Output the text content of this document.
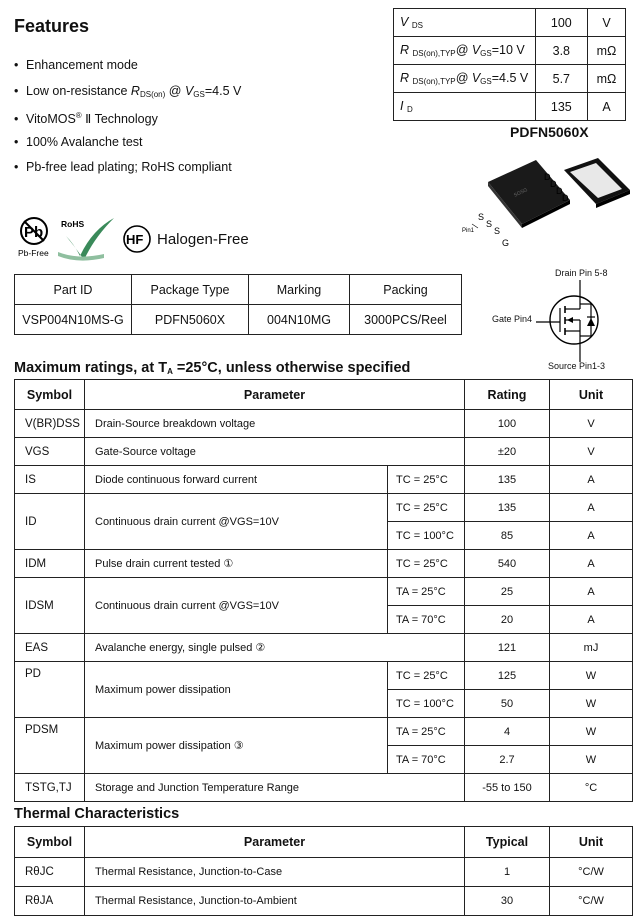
Features
• Enhancement mode
• Low on-resistance $R_{DS(on)}$ @ $V_{GS}=4.5$ V
• VitoMOS® Ⅱ Technology
• 100% Avalanche test
• Pb-free lead plating; RoHS compliant
V $_{DS}$	100	V
R $_{DS(on),TYP}$@ $V_{GS}=10$ V	3.8	mΩ
R $_{DS(on),TYP}$@ $V_{GS}=4.5$ V	5.7	mΩ
I $_D$	135	A
PDFN5060X
SGSG
D
D
D
D
S
S
S
G
Pin1
Pb
Pb-Free
RoHS
HF Halogen-Free
Part ID	Package Type	Marking	Packing
VSP004N10MS-G	PDFN5060X	004N10MG	3000PCS/Reel
Drain Pin 5-8
Gate Pin4
Source Pin1-3
Maximum ratings, at $T_A =25^\circ C$, unless otherwise specified
Symbol	Parameter		Rating	Unit
V(BR)DSS	Drain-Source breakdown voltage		100	V
VGS	Gate-Source voltage		±20	V
IS	Diode continuous forward current	TC = 25°C	135	A
ID	Continuous drain current @VGS=10V	TC = 25°C	135	A
		TC = 100°C	85	A
IDM	Pulse drain current tested ①	TC = 25°C	540	A
IDSM	Continuous drain current @VGS=10V	TA = 25°C	25	A
		TA = 70°C	20	A
EAS	Avalanche energy, single pulsed ②		121	mJ
PD	Maximum power dissipation	TC = 25°C	125	W
		TC = 100°C	50	W
PDSM	Maximum power dissipation ③	TA = 25°C	4	W
		TA = 70°C	2.7	W
TSTG,TJ	Storage and Junction Temperature Range		-55 to 150	°C
Thermal Characteristics
Symbol	Parameter	Typical	Unit
RθJC	Thermal Resistance, Junction-to-Case	1	°C/W
RθJA	Thermal Resistance, Junction-to-Ambient	30	°C/W
